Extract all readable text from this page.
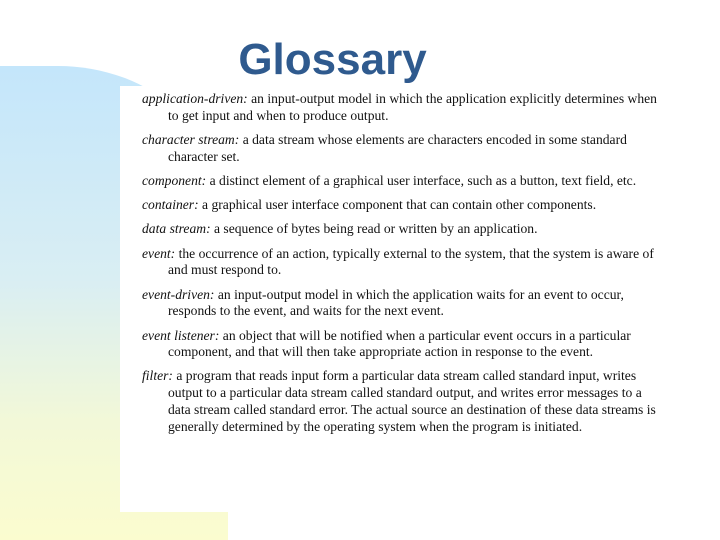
Glossary
application-driven: an input-output model in which the application explicitly determines when to get input and when to produce output.
character stream: a data stream whose elements are characters encoded in some standard character set.
component: a distinct element of a graphical user interface, such as a button, text field, etc.
container: a graphical user interface component that can contain other components.
data stream: a sequence of bytes being read or written by an application.
event: the occurrence of an action, typically external to the system, that the system is aware of and must respond to.
event-driven: an input-output model in which the application waits for an event to occur, responds to the event, and waits for the next event.
event listener: an object that will be notified when a particular event occurs in a particular component, and that will then take appropriate action in response to the event.
filter: a program that reads input form a particular data stream called standard input, writes output to a particular data stream called standard output, and writes error messages to a data stream called standard error. The actual source an destination of these data streams is generally determined by the operating system when the program is initiated.
